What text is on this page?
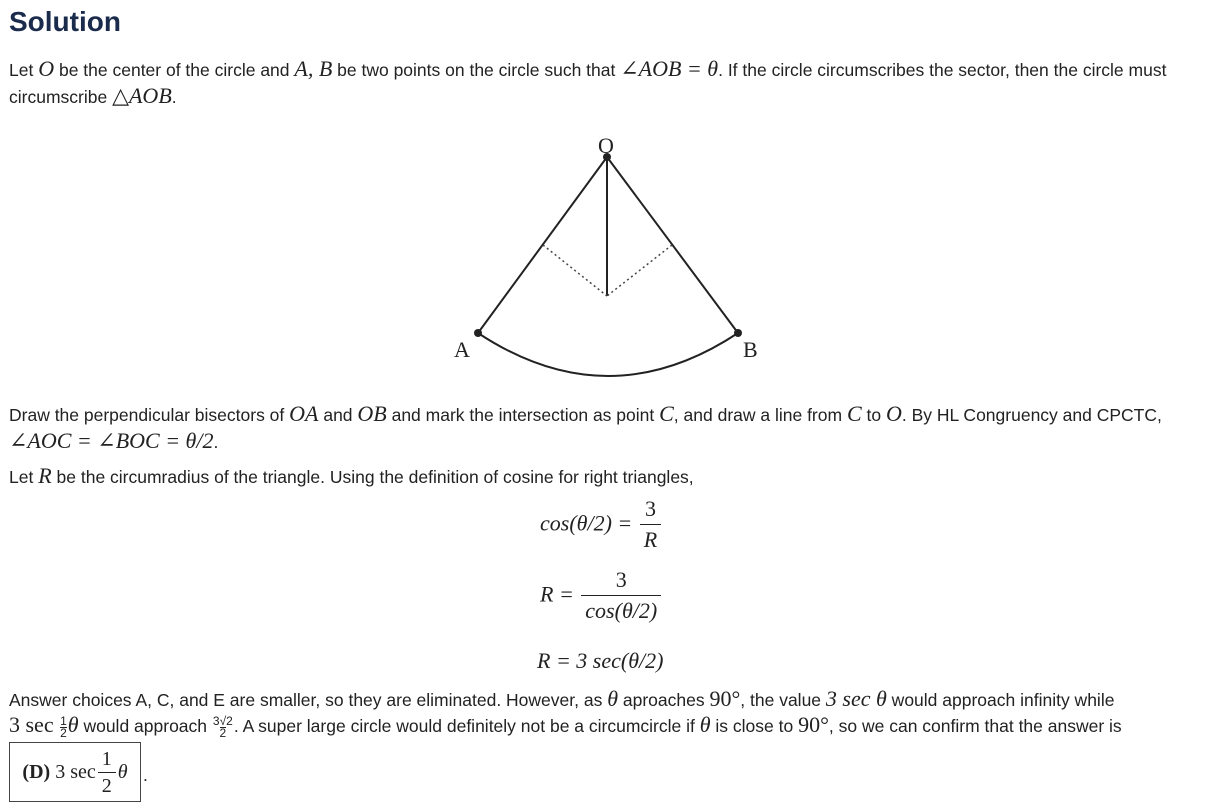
Solution

Let O be the center of the circle and A, B be two points on the circle such that ∠AOB = θ. If the circle circumscribes the sector, then the circle must circumscribe △AOB.

O
A	B

Draw the perpendicular bisectors of OA and OB and mark the intersection as point C, and draw a line from C to O. By HL Congruency and CPCTC, ∠AOC = ∠BOC = θ/2.

Let R be the circumradius of the triangle. Using the definition of cosine for right triangles,
$\cos(\theta/2) = \frac{3}{R}$
$R = \frac{3}{\cos(\theta/2)}$
R = 3 sec(θ/2)
Answer choices A, C, and E are smaller, so they are eliminated. However, as θ aproaches 90°, the value 3 sec θ would approach infinity while
3 $\sec \frac{1}{2}$ θ would approach $\frac{3√2}{2}$ . A super large circle would definitely not be a circumcircle if θ is close to 90°, so we can confirm that the answer is
(D)
3 $\sec \frac{1}{2}$ θ .
